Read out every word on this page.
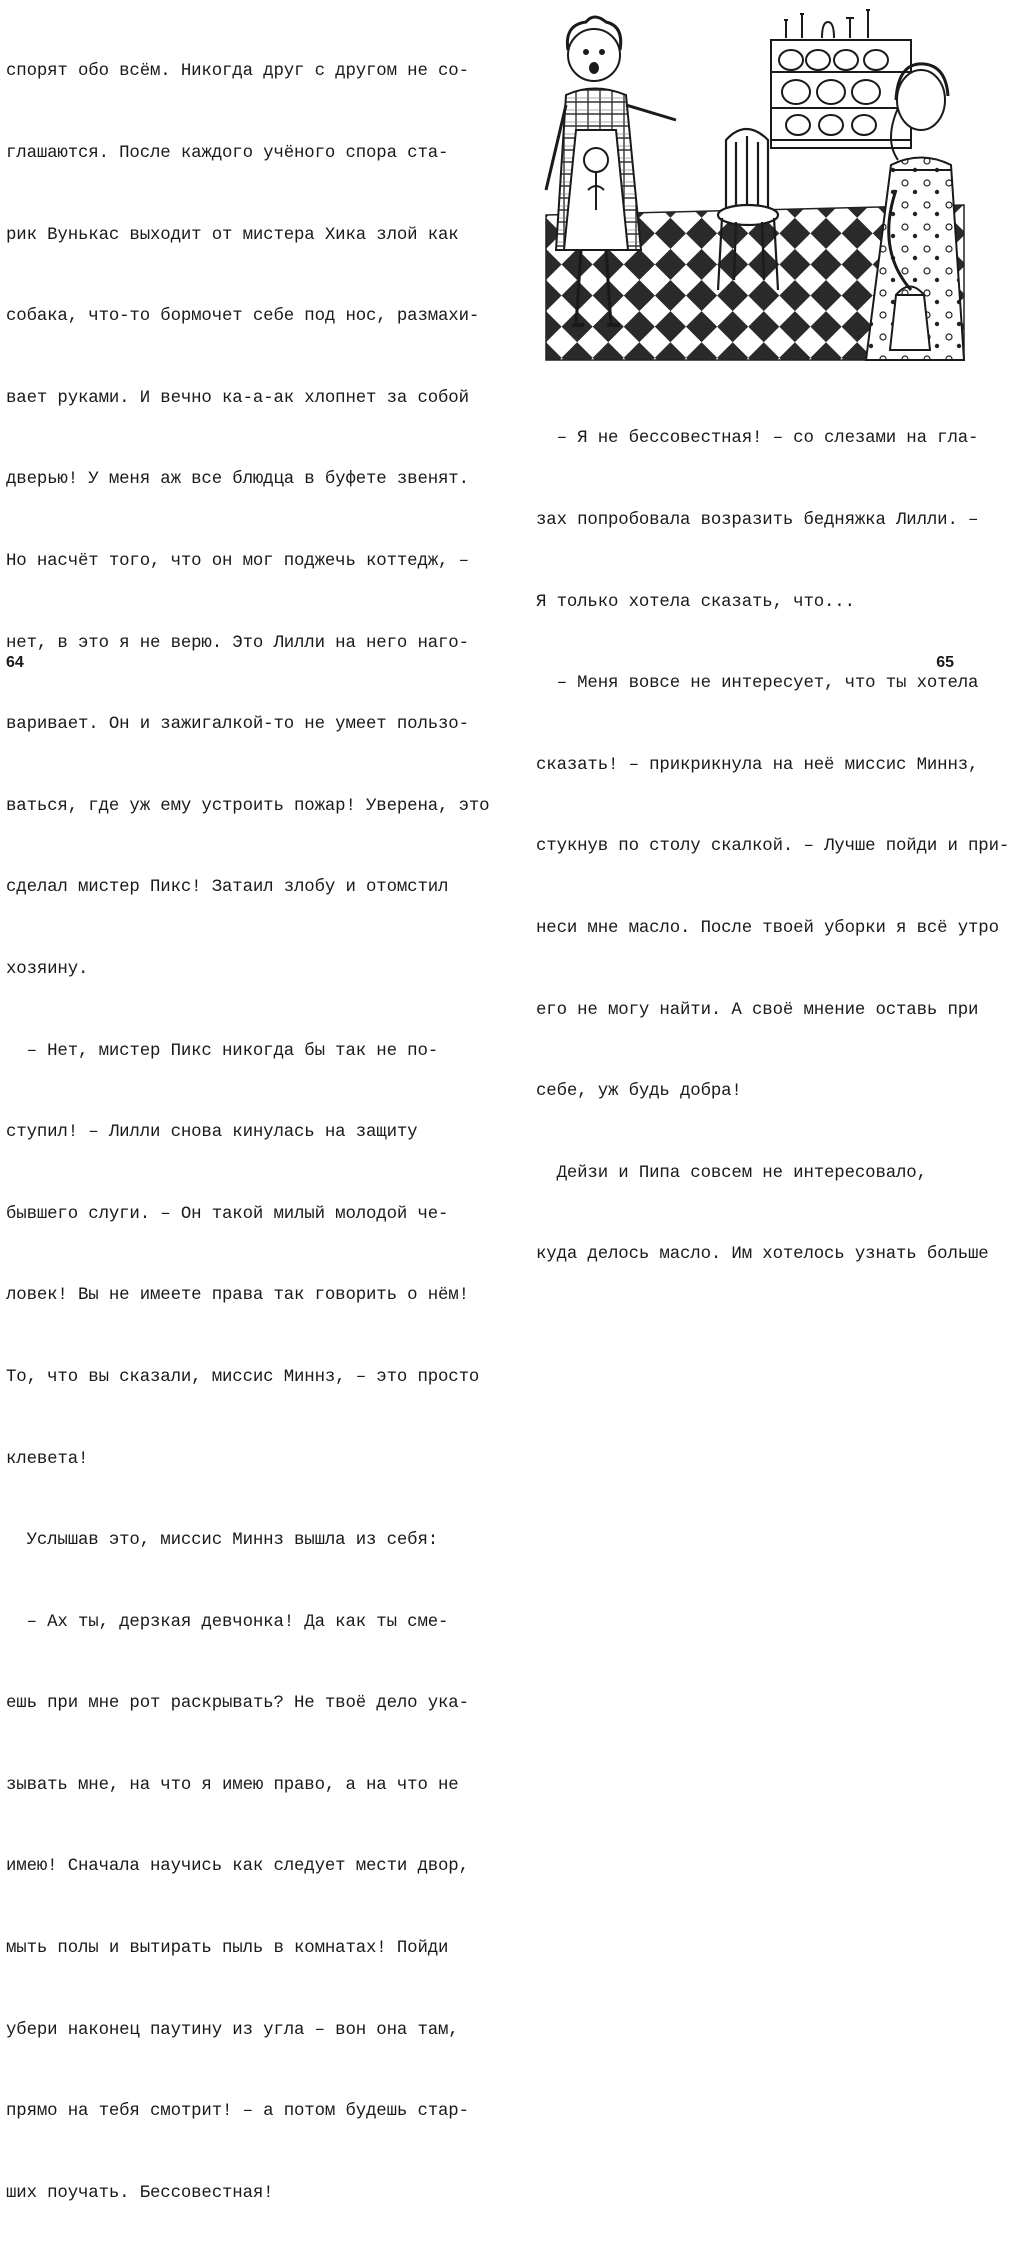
спорят обо всём. Никогда друг с другом не со-

глашаются. После каждого учёного спора ста-

рик Вунькас выходит от мистера Хика злой как

собака, что-то бормочет себе под нос, размахи-

вает руками. И вечно ка-а-ак хлопнет за собой

дверью! У меня аж все блюдца в буфете звенят.

Но насчёт того, что он мог поджечь коттедж, –

нет, в это я не верю. Это Лилли на него наго-

варивает. Он и зажигалкой-то не умеет пользо-

ваться, где уж ему устроить пожар! Уверена, это

сделал мистер Пикс! Затаил злобу и отомстил

хозяину.

– Нет, мистер Пикс никогда бы так не по-

ступил! – Лилли снова кинулась на защиту

бывшего слуги. – Он такой милый молодой че-

ловек! Вы не имеете права так говорить о нём!

То, что вы сказали, миссис Миннз, – это просто

клевета!

Услышав это, миссис Миннз вышла из себя:

– Ах ты, дерзкая девчонка! Да как ты сме-

ешь при мне рот раскрывать? Не твоё дело ука-

зывать мне, на что я имею право, а на что не

имею! Сначала научись как следует мести двор,

мыть полы и вытирать пыль в комнатах! Пойди

убери наконец паутину из угла – вон она там,

прямо на тебя смотрит! – а потом будешь стар-

ших поучать. Бессовестная!

64

– Я не бессовестная! – со слезами на гла-

зах попробовала возразить бедняжка Лилли. –

Я только хотела сказать, что...

– Меня вовсе не интересует, что ты хотела

сказать! – прикрикнула на неё миссис Миннз,

стукнув по столу скалкой. – Лучше пойди и при-

неси мне масло. После твоей уборки я всё утро

его не могу найти. А своё мнение оставь при

себе, уж будь добра!

Дейзи и Пипа совсем не интересовало,

куда делось масло. Им хотелось узнать больше

65
